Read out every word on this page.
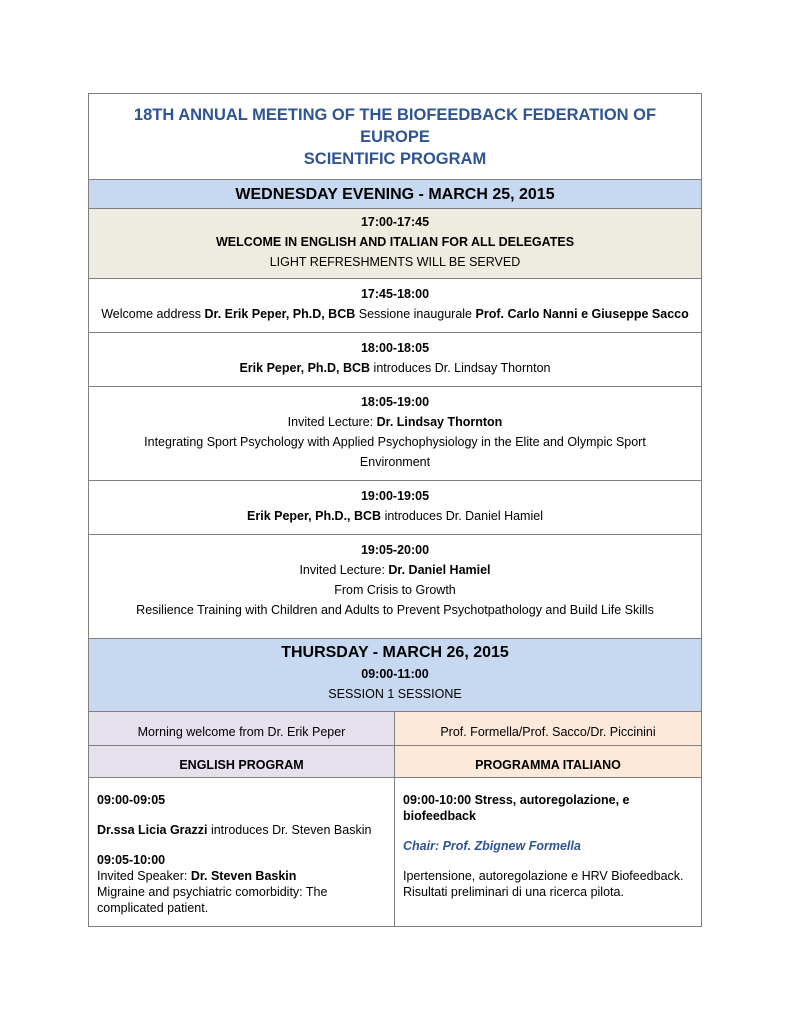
18TH ANNUAL MEETING OF THE BIOFEEDBACK FEDERATION OF EUROPE
SCIENTIFIC PROGRAM
WEDNESDAY EVENING - MARCH 25, 2015
17:00-17:45
WELCOME IN ENGLISH AND ITALIAN FOR ALL DELEGATES
LIGHT REFRESHMENTS WILL BE SERVED
17:45-18:00
Welcome address Dr. Erik Peper, Ph.D, BCB Sessione inaugurale Prof. Carlo Nanni e Giuseppe Sacco
18:00-18:05
Erik Peper, Ph.D, BCB introduces Dr. Lindsay Thornton
18:05-19:00
Invited Lecture: Dr. Lindsay Thornton
Integrating Sport Psychology with Applied Psychophysiology in the Elite and Olympic Sport
Environment
19:00-19:05
Erik Peper, Ph.D., BCB introduces Dr. Daniel Hamiel
19:05-20:00
Invited Lecture: Dr. Daniel Hamiel
From Crisis to Growth
Resilience Training with Children and Adults to Prevent Psychotpathology and Build Life Skills
THURSDAY - MARCH 26, 2015
09:00-11:00
SESSION 1 SESSIONE
Morning welcome from Dr. Erik Peper	Prof. Formella/Prof. Sacco/Dr. Piccinini
ENGLISH PROGRAM	PROGRAMMA ITALIANO

09:00-09:05

Dr.ssa Licia Grazzi introduces Dr. Steven Baskin

09:05-10:00

Invited Speaker: Dr. Steven Baskin

Migraine and psychiatric comorbidity: The complicated patient.

09:00-10:00 Stress, autoregolazione, e biofeedback

Chair: Prof. Zbignew Formella

Ipertensione, autoregolazione e HRV Biofeedback. Risultati preliminari di una ricerca pilota.
